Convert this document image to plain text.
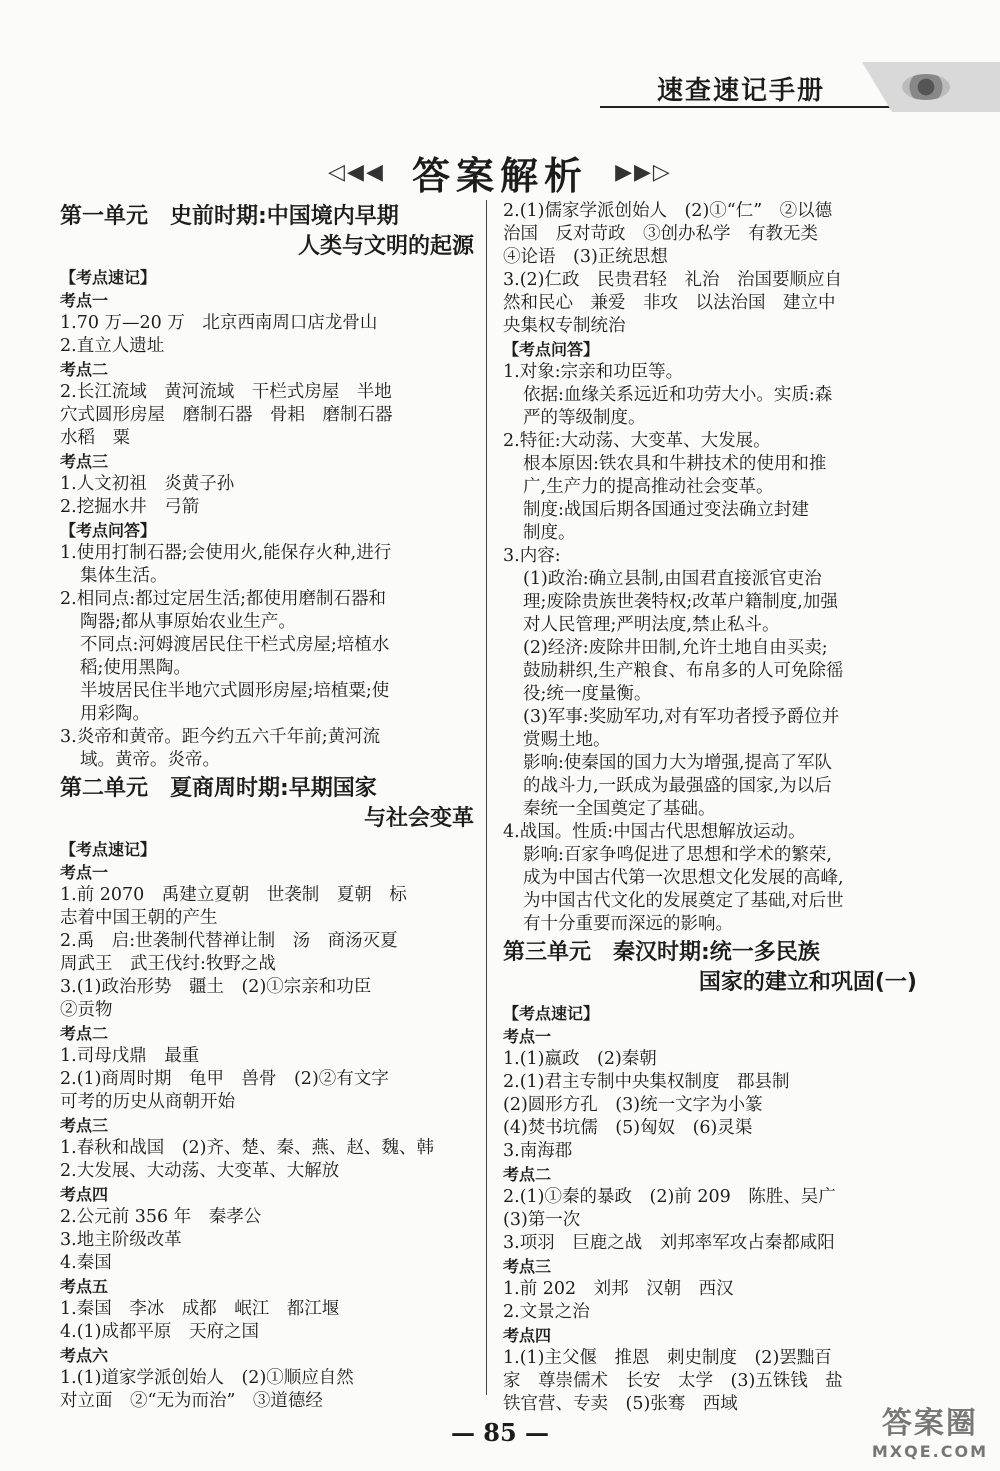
速查速记手册
◁◀◀ 答案解析 ▶▶▷
第一单元　史前时期:中国境内早期
人类与文明的起源
【考点速记】
考点一
1.70 万—20 万　北京西南周口店龙骨山
2.直立人遗址
考点二
2.长江流域　黄河流域　干栏式房屋　半地
穴式圆形房屋　磨制石器　骨耜　磨制石器
水稻　粟
考点三
1.人文初祖　炎黄子孙
2.挖掘水井　弓箭
【考点问答】
1.使用打制石器;会使用火,能保存火种,进行
集体生活。
2.相同点:都过定居生活;都使用磨制石器和
陶器;都从事原始农业生产。
不同点:河姆渡居民住干栏式房屋;培植水
稻;使用黑陶。
半坡居民住半地穴式圆形房屋;培植粟;使
用彩陶。
3.炎帝和黄帝。距今约五六千年前;黄河流
域。黄帝。炎帝。
第二单元　夏商周时期:早期国家
与社会变革
【考点速记】
考点一
1.前 2070　禹建立夏朝　世袭制　夏朝　标
志着中国王朝的产生
2.禹　启:世袭制代替禅让制　汤　商汤灭夏
周武王　武王伐纣:牧野之战
3.(1)政治形势　疆土　(2)①宗亲和功臣
②贡物
考点二
1.司母戊鼎　最重
2.(1)商周时期　龟甲　兽骨　(2)②有文字
可考的历史从商朝开始
考点三
1.春秋和战国　(2)齐、楚、秦、燕、赵、魏、韩
2.大发展、大动荡、大变革、大解放
考点四
2.公元前 356 年　秦孝公
3.地主阶级改革
4.秦国
考点五
1.秦国　李冰　成都　岷江　都江堰
4.(1)成都平原　天府之国
考点六
1.(1)道家学派创始人　(2)①顺应自然
对立面　②“无为而治”　③道德经
2.(1)儒家学派创始人　(2)①“仁”　②以德
治国　反对苛政　③创办私学　有教无类
④论语　(3)正统思想
3.(2)仁政　民贵君轻　礼治　治国要顺应自
然和民心　兼爱　非攻　以法治国　建立中
央集权专制统治
【考点问答】
1.对象:宗亲和功臣等。
依据:血缘关系远近和功劳大小。实质:森
严的等级制度。
2.特征:大动荡、大变革、大发展。
根本原因:铁农具和牛耕技术的使用和推
广,生产力的提高推动社会变革。
制度:战国后期各国通过变法确立封建
制度。
3.内容:
(1)政治:确立县制,由国君直接派官吏治
理;废除贵族世袭特权;改革户籍制度,加强
对人民管理;严明法度,禁止私斗。
(2)经济:废除井田制,允许土地自由买卖;
鼓励耕织,生产粮食、布帛多的人可免除徭
役;统一度量衡。
(3)军事:奖励军功,对有军功者授予爵位并
赏赐土地。
影响:使秦国的国力大为增强,提高了军队
的战斗力,一跃成为最强盛的国家,为以后
秦统一全国奠定了基础。
4.战国。性质:中国古代思想解放运动。
影响:百家争鸣促进了思想和学术的繁荣,
成为中国古代第一次思想文化发展的高峰,
为中国古代文化的发展奠定了基础,对后世
有十分重要而深远的影响。
第三单元　秦汉时期:统一多民族
国家的建立和巩固(一)
【考点速记】
考点一
1.(1)嬴政　(2)秦朝
2.(1)君主专制中央集权制度　郡县制
(2)圆形方孔　(3)统一文字为小篆
(4)焚书坑儒　(5)匈奴　(6)灵渠
3.南海郡
考点二
2.(1)①秦的暴政　(2)前 209　陈胜、吴广
(3)第一次
3.项羽　巨鹿之战　刘邦率军攻占秦都咸阳
考点三
1.前 202　刘邦　汉朝　西汉
2.文景之治
考点四
1.(1)主父偃　推恩　刺史制度　(2)罢黜百
家　尊崇儒术　长安　太学　(3)五铢钱　盐
铁官营、专卖　(5)张骞　西域
— 85 —	答案圈
MXQE.COM
